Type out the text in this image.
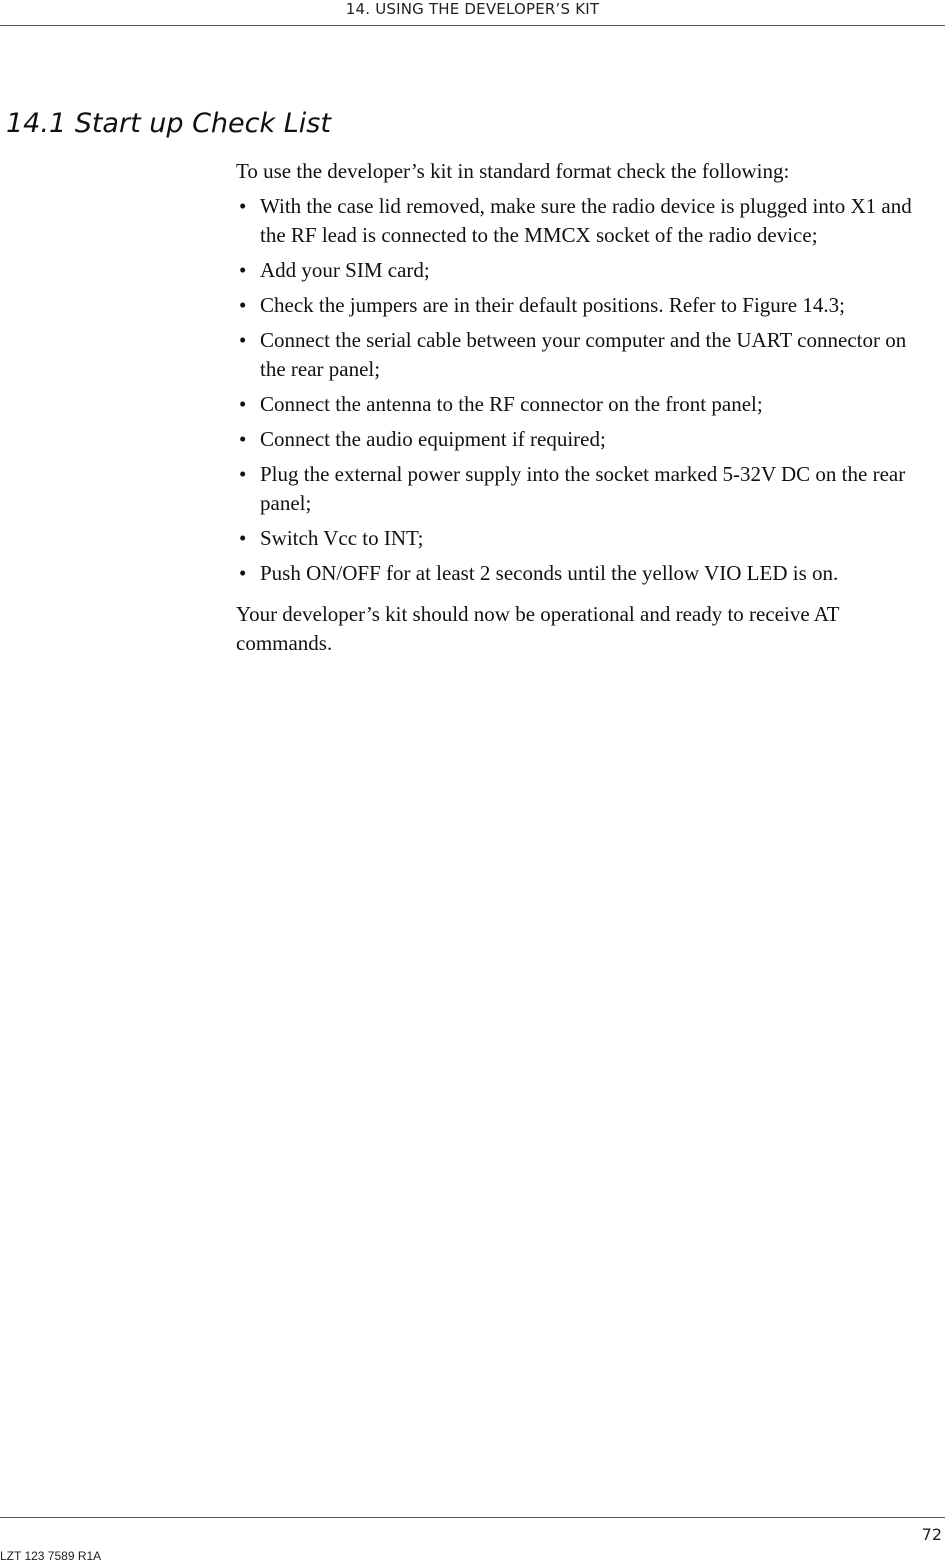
14. USING THE DEVELOPER’S KIT
14.1 Start up Check List

To use the developer’s kit in standard format check the following:

• With the case lid removed, make sure the radio device is plugged into X1 and the RF lead is connected to the MMCX socket of the radio device;
• Add your SIM card;
• Check the jumpers are in their default positions. Refer to Figure 14.3;
• Connect the serial cable between your computer and the UART connector on the rear panel;
• Connect the antenna to the RF connector on the front panel;
• Connect the audio equipment if required;
• Plug the external power supply into the socket marked 5-32V DC on the rear panel;
• Switch Vcc to INT;
• Push ON/OFF for at least 2 seconds until the yellow VIO LED is on.

Your developer’s kit should now be operational and ready to receive AT commands.

72
LZT 123 7589 R1A
